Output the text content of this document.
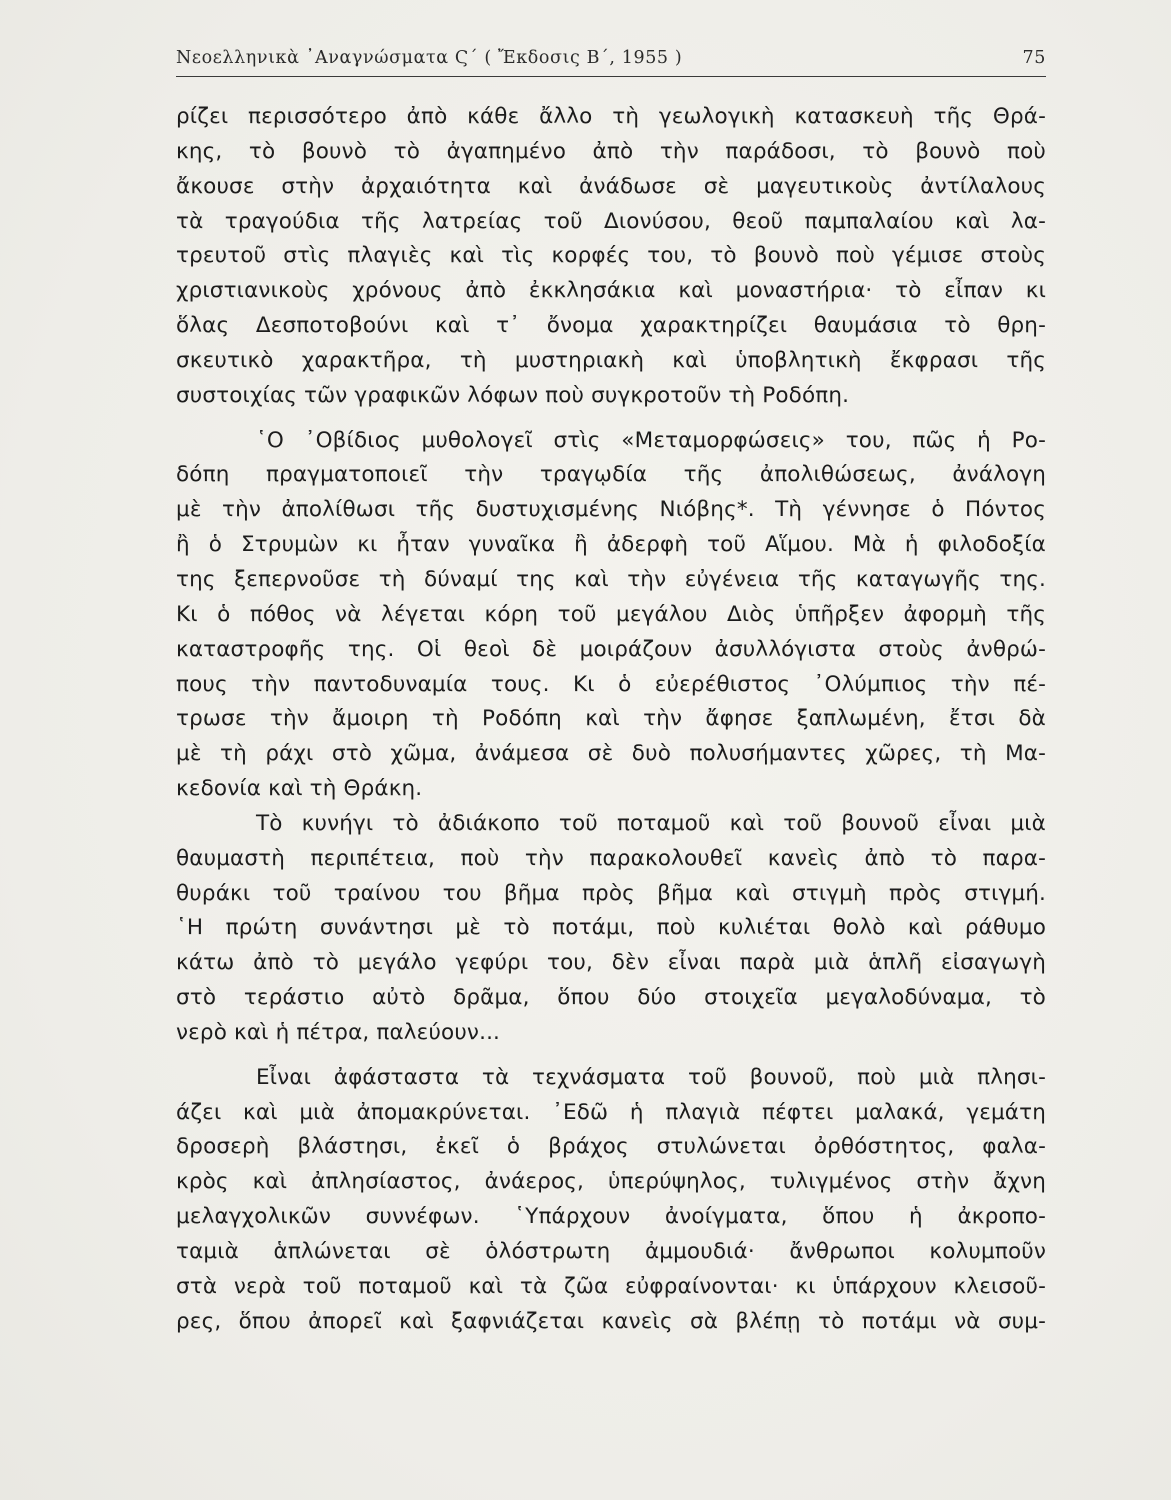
Νεοελληνικὰ ᾿Αναγνώσματα Ϛ΄ ( Ἔκδοσις Β΄, 1955 )	75
ρίζει περισσότερο ἀπὸ κάθε ἄλλο τὴ γεωλογικὴ κατασκευὴ τῆς Θρά-
κης, τὸ βουνὸ τὸ ἀγαπημένο ἀπὸ τὴν παράδοσι, τὸ βουνὸ ποὺ
ἄκουσε στὴν ἀρχαιότητα καὶ ἀνάδωσε σὲ μαγευτικοὺς ἀντίλαλους
τὰ τραγούδια τῆς λατρείας τοῦ Διονύσου, θεοῦ παμπαλαίου καὶ λα-
τρευτοῦ στὶς πλαγιὲς καὶ τὶς κορφές του, τὸ βουνὸ ποὺ γέμισε στοὺς
χριστιανικοὺς χρόνους ἀπὸ ἐκκλησάκια καὶ μοναστήρια· τὸ εἶπαν κι
ὅλας Δεσποτοβούνι καὶ τ᾿ ὄνομα χαρακτηρίζει θαυμάσια τὸ θρη-
σκευτικὸ χαρακτῆρα, τὴ μυστηριακὴ καὶ ὑποβλητικὴ ἔκφρασι τῆς
συστοιχίας τῶν γραφικῶν λόφων ποὺ συγκροτοῦν τὴ Ροδόπη.
῾Ο ᾿Οβίδιος μυθολογεῖ στὶς «Μεταμορφώσεις» του, πῶς ἡ Ρο-
δόπη πραγματοποιεῖ τὴν τραγῳδία τῆς ἀπολιθώσεως, ἀνάλογη
μὲ τὴν ἀπολίθωσι τῆς δυστυχισμένης Νιόβης*. Τὴ γέννησε ὁ Πόντος
ἢ ὁ Στρυμὼν κι ἦταν γυναῖκα ἢ ἀδερφὴ τοῦ Αἵμου. Μὰ ἡ φιλοδοξία
της ξεπερνοῦσε τὴ δύναμί της καὶ τὴν εὐγένεια τῆς καταγωγῆς της.
Κι ὁ πόθος νὰ λέγεται κόρη τοῦ μεγάλου Διὸς ὑπῆρξεν ἀφορμὴ τῆς
καταστροφῆς της. Οἱ θεοὶ δὲ μοιράζουν ἀσυλλόγιστα στοὺς ἀνθρώ-
πους τὴν παντοδυναμία τους. Κι ὁ εὐερέθιστος ᾿Ολύμπιος τὴν πέ-
τρωσε τὴν ἄμοιρη τὴ Ροδόπη καὶ τὴν ἄφησε ξαπλωμένη, ἔτσι δὰ
μὲ τὴ ράχι στὸ χῶμα, ἀνάμεσα σὲ δυὸ πολυσήμαντες χῶρες, τὴ Μα-
κεδονία καὶ τὴ Θράκη.
Τὸ κυνήγι τὸ ἀδιάκοπο τοῦ ποταμοῦ καὶ τοῦ βουνοῦ εἶναι μιὰ
θαυμαστὴ περιπέτεια, ποὺ τὴν παρακολουθεῖ κανεὶς ἀπὸ τὸ παρα-
θυράκι τοῦ τραίνου του βῆμα πρὸς βῆμα καὶ στιγμὴ πρὸς στιγμή.
῾Η πρώτη συνάντησι μὲ τὸ ποτάμι, ποὺ κυλιέται θολὸ καὶ ράθυμο
κάτω ἀπὸ τὸ μεγάλο γεφύρι του, δὲν εἶναι παρὰ μιὰ ἁπλῆ εἰσαγωγὴ
στὸ τεράστιο αὐτὸ δρᾶμα, ὅπου δύο στοιχεῖα μεγαλοδύναμα, τὸ
νερὸ καὶ ἡ πέτρα, παλεύουν...
Εἶναι ἀφάσταστα τὰ τεχνάσματα τοῦ βουνοῦ, ποὺ μιὰ πλησι-
άζει καὶ μιὰ ἀπομακρύνεται. ᾿Εδῶ ἡ πλαγιὰ πέφτει μαλακά, γεμάτη
δροσερὴ βλάστησι, ἐκεῖ ὁ βράχος στυλώνεται ὀρθόστητος, φαλα-
κρὸς καὶ ἀπλησίαστος, ἀνάερος, ὑπερύψηλος, τυλιγμένος στὴν ἄχνη
μελαγχολικῶν συννέφων. ῾Υπάρχουν ἀνοίγματα, ὅπου ἡ ἀκροπο-
ταμιὰ ἁπλώνεται σὲ ὁλόστρωτη ἀμμουδιά· ἄνθρωποι κολυμποῦν
στὰ νερὰ τοῦ ποταμοῦ καὶ τὰ ζῶα εὐφραίνονται· κι ὑπάρχουν κλεισοῦ-
ρες, ὅπου ἀπορεῖ καὶ ξαφνιάζεται κανεὶς σὰ βλέπῃ τὸ ποτάμι νὰ συμ-
